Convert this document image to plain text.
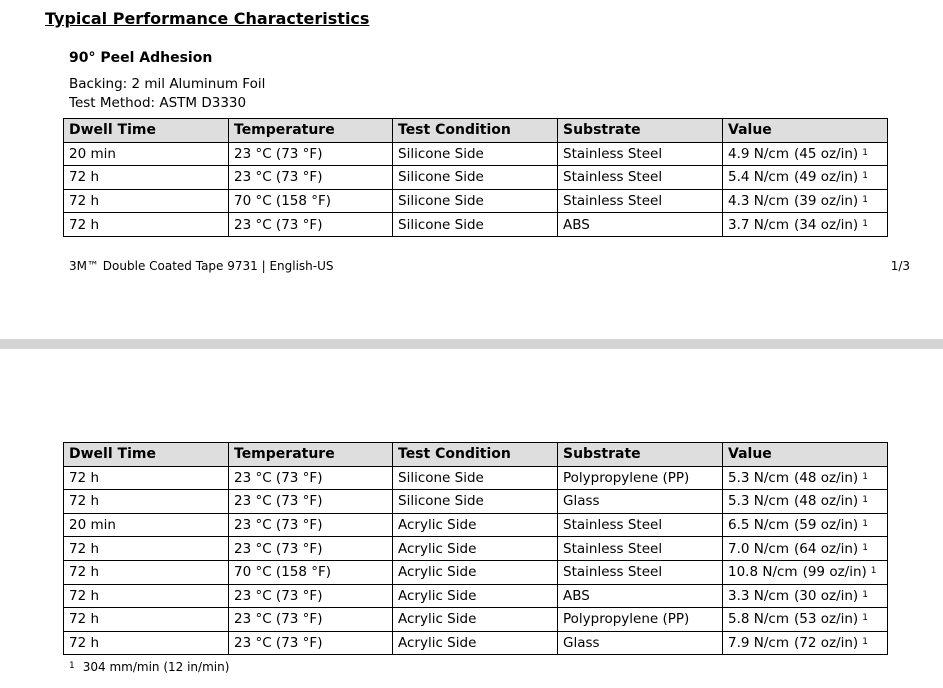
Typical Performance Characteristics
90° Peel Adhesion

Backing: 2 mil Aluminum Foil

Test Method: ASTM D3330

Dwell Time	Temperature	Test Condition	Substrate	Value
20 min	23 °C (73 °F)	Silicone Side	Stainless Steel	4.9 N/cm (45 oz/in) $^1$
72 h	23 °C (73 °F)	Silicone Side	Stainless Steel	5.4 N/cm (49 oz/in) $^1$
72 h	70 °C (158 °F)	Silicone Side	Stainless Steel	4.3 N/cm (39 oz/in) $^1$
72 h	23 °C (73 °F)	Silicone Side	ABS	3.7 N/cm (34 oz/in) $^1$

3M™ Double Coated Tape 9731 | English-US	1/3

Dwell Time	Temperature	Test Condition	Substrate	Value
72 h	23 °C (73 °F)	Silicone Side	Polypropylene (PP)	5.3 N/cm (48 oz/in) $^1$
72 h	23 °C (73 °F)	Silicone Side	Glass	5.3 N/cm (48 oz/in) $^1$
20 min	23 °C (73 °F)	Acrylic Side	Stainless Steel	6.5 N/cm (59 oz/in) $^1$
72 h	23 °C (73 °F)	Acrylic Side	Stainless Steel	7.0 N/cm (64 oz/in) $^1$
72 h	70 °C (158 °F)	Acrylic Side	Stainless Steel	10.8 N/cm (99 oz/in) $^1$
72 h	23 °C (73 °F)	Acrylic Side	ABS	3.3 N/cm (30 oz/in) $^1$
72 h	23 °C (73 °F)	Acrylic Side	Polypropylene (PP)	5.8 N/cm (53 oz/in) $^1$
72 h	23 °C (73 °F)	Acrylic Side	Glass	7.9 N/cm (72 oz/in) $^1$

$^1$ 304 mm/min (12 in/min)
